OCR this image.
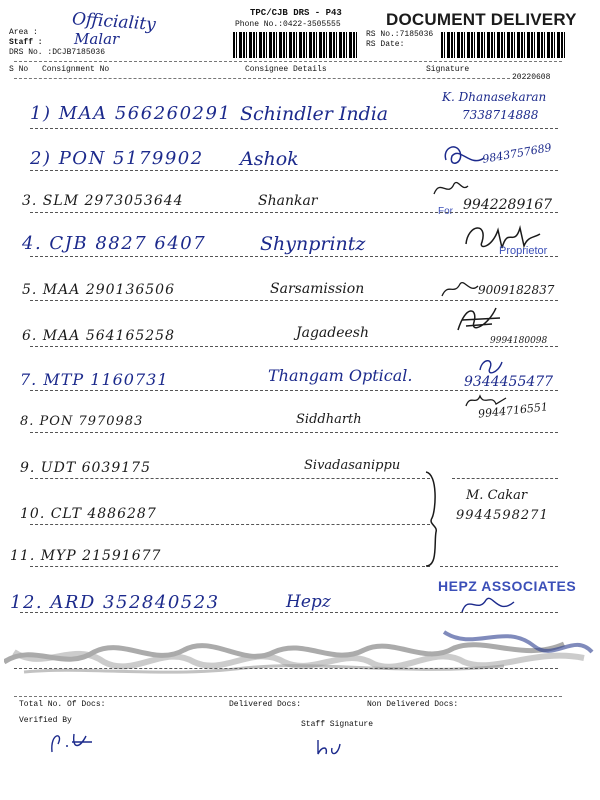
Area : Officiality
Staff : Malar
DRS No. :DCJB7185036
TPC/CJB DRS - P43
Phone No.:0422-3505555	DOCUMENT DELIVERY
RS No.:7185036
RS Date:
S No Consignment No	Consignee Details	Signature
20220608
1) MAA 566260291 Schindler India
K. Dhanasekaran
7338714888
2) PON 5179902 Ashok	9843757689
3. SLM 2973053644	Shankar
For 9942289167
4. CJB 8827 6407	Shynprintz	Proprietor
5. MAA 290136506	Sarsamission	9009182837
6. MAA 564165258	Jagadeesh	9994180098
7. MTP 1160731	Thangam Optical.	9344455477
8. PON 7970983	Siddharth	9944716551
9. UDT 6039175	Sivadasanippu
10. CLT 4886287
11. MYP 21591677
M. Cakar
9944598271
12. ARD 352840523	Hepz
HEPZ ASSOCIATES
Total No. Of Docs:	Delivered Docs:	Non Delivered Docs:
Verified By	Staff Signature
